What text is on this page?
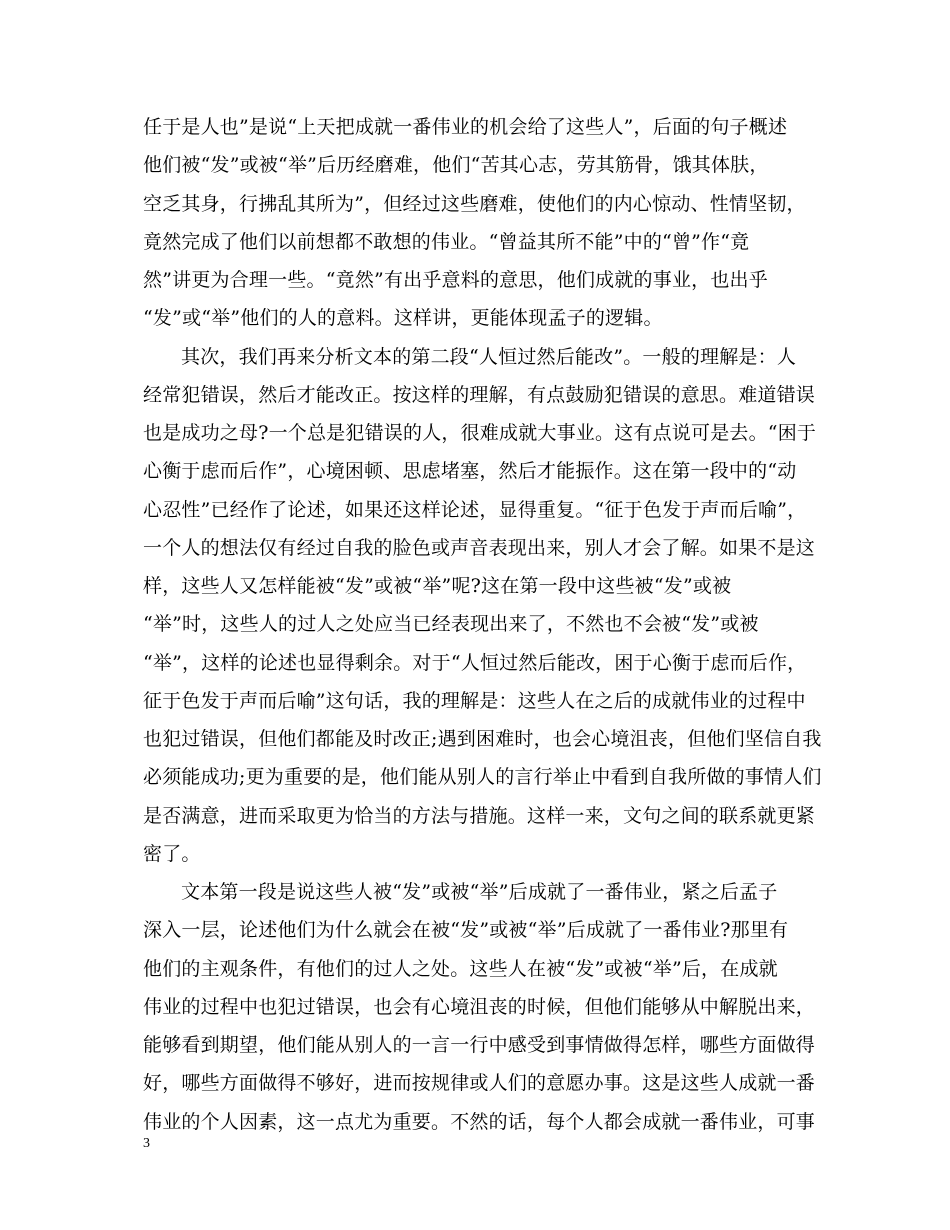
任于是人也”是说“上天把成就一番伟业的机会给了这些人”，后面的句子概述
他们被“发”或被“举”后历经磨难，他们“苦其心志，劳其筋骨，饿其体肤，
空乏其身，行拂乱其所为”，但经过这些磨难，使他们的内心惊动、性情坚韧，
竟然完成了他们以前想都不敢想的伟业。“曾益其所不能”中的“曾”作“竟
然”讲更为合理一些。“竟然”有出乎意料的意思，他们成就的事业，也出乎
“发”或“举”他们的人的意料。这样讲，更能体现孟子的逻辑。
其次，我们再来分析文本的第二段“人恒过然后能改”。一般的理解是：人
经常犯错误，然后才能改正。按这样的理解，有点鼓励犯错误的意思。难道错误
也是成功之母?一个总是犯错误的人，很难成就大事业。这有点说可是去。“困于
心衡于虑而后作”，心境困顿、思虑堵塞，然后才能振作。这在第一段中的“动
心忍性”已经作了论述，如果还这样论述，显得重复。“征于色发于声而后喻”，
一个人的想法仅有经过自我的脸色或声音表现出来，别人才会了解。如果不是这
样，这些人又怎样能被“发”或被“举”呢?这在第一段中这些被“发”或被
“举”时，这些人的过人之处应当已经表现出来了，不然也不会被“发”或被
“举”，这样的论述也显得剩余。对于“人恒过然后能改，困于心衡于虑而后作，
征于色发于声而后喻”这句话，我的理解是：这些人在之后的成就伟业的过程中
也犯过错误，但他们都能及时改正;遇到困难时，也会心境沮丧，但他们坚信自我
必须能成功;更为重要的是，他们能从别人的言行举止中看到自我所做的事情人们
是否满意，进而采取更为恰当的方法与措施。这样一来，文句之间的联系就更紧
密了。
文本第一段是说这些人被“发”或被“举”后成就了一番伟业，紧之后孟子
深入一层，论述他们为什么就会在被“发”或被“举”后成就了一番伟业?那里有
他们的主观条件，有他们的过人之处。这些人在被“发”或被“举”后，在成就
伟业的过程中也犯过错误，也会有心境沮丧的时候，但他们能够从中解脱出来，
能够看到期望，他们能从别人的一言一行中感受到事情做得怎样，哪些方面做得
好，哪些方面做得不够好，进而按规律或人们的意愿办事。这是这些人成就一番
伟业的个人因素，这一点尤为重要。不然的话，每个人都会成就一番伟业，可事
3
